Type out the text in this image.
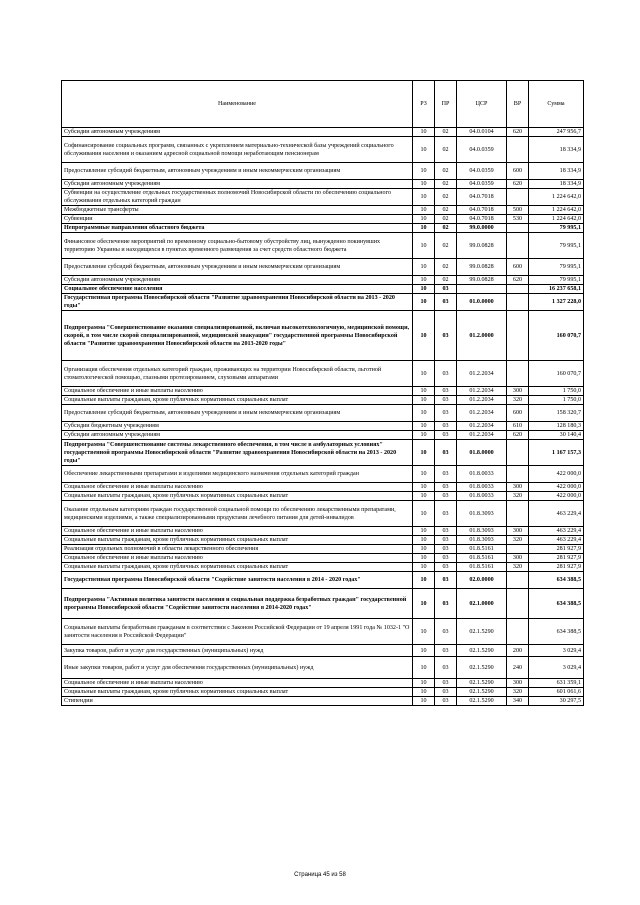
Наименование	РЗ	ПР	ЦСР	ВР	Сумма
Субсидии автономным учреждениям	10	02	04.0.0104	620	247 956,7
Софинансирование социальных программ, связанных с укреплением материально-технической базы учреждений социального обслуживания населения и оказанием адресной социальной помощи неработающим пенсионерам	10	02	04.0.0359		18 334,9
Предоставление субсидий бюджетным, автономным учреждениям и иным некоммерческим организациям	10	02	04.0.0359	600	18 334,9
Субсидии автономным учреждениям	10	02	04.0.0359	620	18 334,9
Субвенции на осуществление отдельных государственных полномочий Новосибирской области по обеспечению социального обслуживания отдельных категорий граждан	10	02	04.0.7018		1 224 642,0
Межбюджетные трансферты	10	02	04.0.7018	500	1 224 642,0
Субвенции	10	02	04.0.7018	530	1 224 642,0
Непрограммные направления областного бюджета	10	02	99.0.0000		79 995,1
Финансовое обеспечение мероприятий по временному социально-бытовому обустройству лиц, вынужденно покинувших территорию Украины и находящихся в пунктах временного размещения за счет средств областного бюджета	10	02	99.0.0828		79 995,1
Предоставление субсидий бюджетным, автономным учреждениям и иным некоммерческим организациям	10	02	99.0.0828	600	79 995,1
Субсидии автономным учреждениям	10	02	99.0.0828	620	79 995,1
Социальное обеспечение населения	10	03			16 237 658,1
Государственная программа Новосибирской области "Развитие здравоохранения Новосибирской области на 2013 - 2020 годы"	10	03	01.0.0000		1 327 228,0
Подпрограмма "Совершенствование оказания специализированной, включая высокотехнологичную, медицинской помощи, скорой, в том числе скорой специализированной, медицинской эвакуации" государственной программы Новосибирской области "Развитие здравоохранения Новосибирской области на 2013-2020 годы"	10	03	01.2.0000		160 070,7
Организация обеспечения отдельных категорий граждан, проживающих на территории Новосибирской области, льготной стоматологической помощью, глазными протезированием, слуховыми аппаратами	10	03	01.2.2034		160 070,7
Социальное обеспечение и иные выплаты населению	10	03	01.2.2034	300	1 750,0
Социальные выплаты гражданам, кроме публичных нормативных социальных выплат	10	03	01.2.2034	320	1 750,0
Предоставление субсидий бюджетным, автономным учреждениям и иным некоммерческим организациям	10	03	01.2.2034	600	158 320,7
Субсидии бюджетным учреждениям	10	03	01.2.2034	610	128 180,3
Субсидии автономным учреждениям	10	03	01.2.2034	620	30 140,4
Подпрограмма "Совершенствование системы лекарственного обеспечения, в том числе в амбулаторных условиях" государственной программы Новосибирской области "Развитие здравоохранения Новосибирской области на 2013 - 2020 годы"	10	03	01.8.0000		1 167 157,3
Обеспечение лекарственными препаратами и изделиями медицинского назначения отдельных категорий граждан	10	03	01.8.0033		422 000,0
Социальное обеспечение и иные выплаты населению	10	03	01.8.0033	300	422 000,0
Социальные выплаты гражданам, кроме публичных нормативных социальных выплат	10	03	01.8.0033	320	422 000,0
Оказание отдельным категориям граждан государственной социальной помощи по обеспечению лекарственными препаратами, медицинскими изделиями, а также специализированными продуктами лечебного питания для детей-инвалидов	10	03	01.8.3093		463 229,4
Социальное обеспечение и иные выплаты населению	10	03	01.8.3093	300	463 229,4
Социальные выплаты гражданам, кроме публичных нормативных социальных выплат	10	03	01.8.3093	320	463 229,4
Реализация отдельных полномочий в области лекарственного обеспечения	10	03	01.8.5161		281 927,9
Социальное обеспечение и иные выплаты населению	10	03	01.8.5161	300	281 927,9
Социальные выплаты гражданам, кроме публичных нормативных социальных выплат	10	03	01.8.5161	320	281 927,9
Государственная программа Новосибирской области "Содействие занятости населения в 2014 - 2020 годах"	10	03	02.0.0000		634 388,5
Подпрограмма "Активная политика занятости населения и социальная поддержка безработных граждан" государственной программы Новосибирской области "Содействие занятости населения в 2014-2020 годах"	10	03	02.1.0000		634 388,5
Социальные выплаты безработным гражданам в соответствии с Законом Российской Федерации от 19 апреля 1991 года № 1032-1 "О занятости населения в Российской Федерации"	10	03	02.1.5290		634 388,5
Закупка товаров, работ и услуг для государственных (муниципальных) нужд	10	03	02.1.5290	200	3 029,4
Иные закупки товаров, работ и услуг для обеспечения государственных (муниципальных) нужд	10	03	02.1.5290	240	3 029,4
Социальное обеспечение и иные выплаты населению	10	03	02.1.5290	300	631 359,1
Социальные выплаты гражданам, кроме публичных нормативных социальных выплат	10	03	02.1.5290	320	601 061,6
Стипендии	10	03	02.1.5290	340	30 297,5
Страница 45 из 58
